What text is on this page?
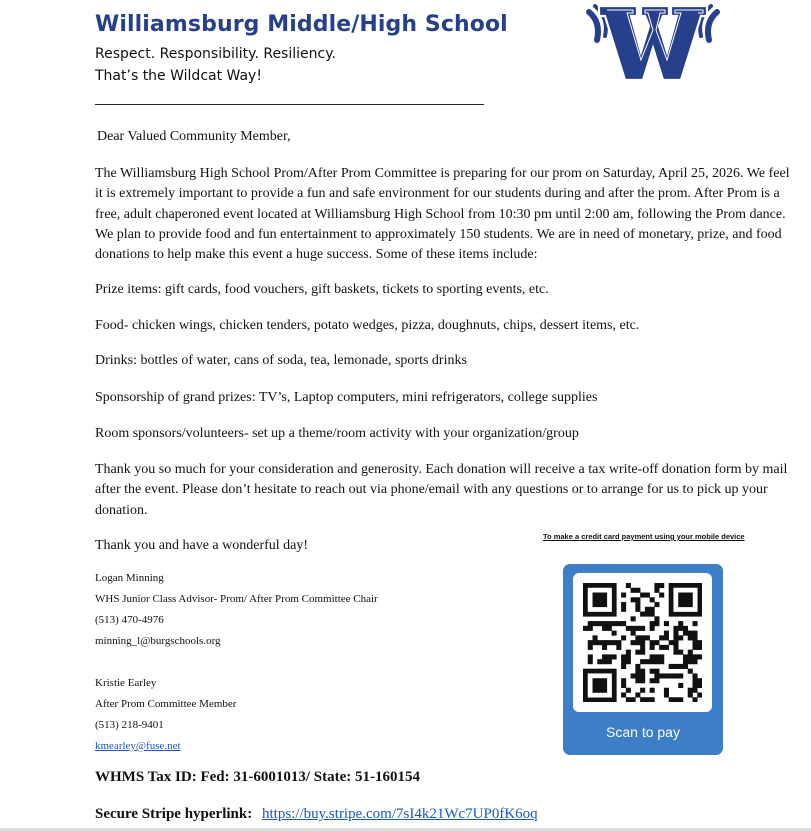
Williamsburg Middle/High School
Respect. Responsibility. Resiliency.
That’s the Wildcat Way!
Dear Valued Community Member,
The Williamsburg High School Prom/After Prom Committee is preparing for our prom on Saturday, April 25, 2026. We feel it is extremely important to provide a fun and safe environment for our students during and after the prom. After Prom is a free, adult chaperoned event located at Williamsburg High School from 10:30 pm until 2:00 am, following the Prom dance. We plan to provide food and fun entertainment to approximately 150 students. We are in need of monetary, prize, and food donations to help make this event a huge success. Some of these items include:
Prize items: gift cards, food vouchers, gift baskets, tickets to sporting events, etc.
Food- chicken wings, chicken tenders, potato wedges, pizza, doughnuts, chips, dessert items, etc.
Drinks: bottles of water, cans of soda, tea, lemonade, sports drinks
Sponsorship of grand prizes: TV’s, Laptop computers, mini refrigerators, college supplies
Room sponsors/volunteers- set up a theme/room activity with your organization/group
Thank you so much for your consideration and generosity. Each donation will receive a tax write-off donation form by mail after the event. Please don’t hesitate to reach out via phone/email with any questions or to arrange for us to pick up your donation.
Thank you and have a wonderful day!
Logan Minning
WHS Junior Class Advisor- Prom/ After Prom Committee Chair
(513) 470-4976
minning_l@burgschools.org
Kristie Earley
After Prom Committee Member
(513) 218-9401
kmearley@fuse.net
WHMS Tax ID: Fed: 31-6001013/ State: 51-160154
Secure Stripe hyperlink: https://buy.stripe.com/7sI4k21Wc7UP0fK6oq
To make a credit card payment using your mobile device
Scan to pay
